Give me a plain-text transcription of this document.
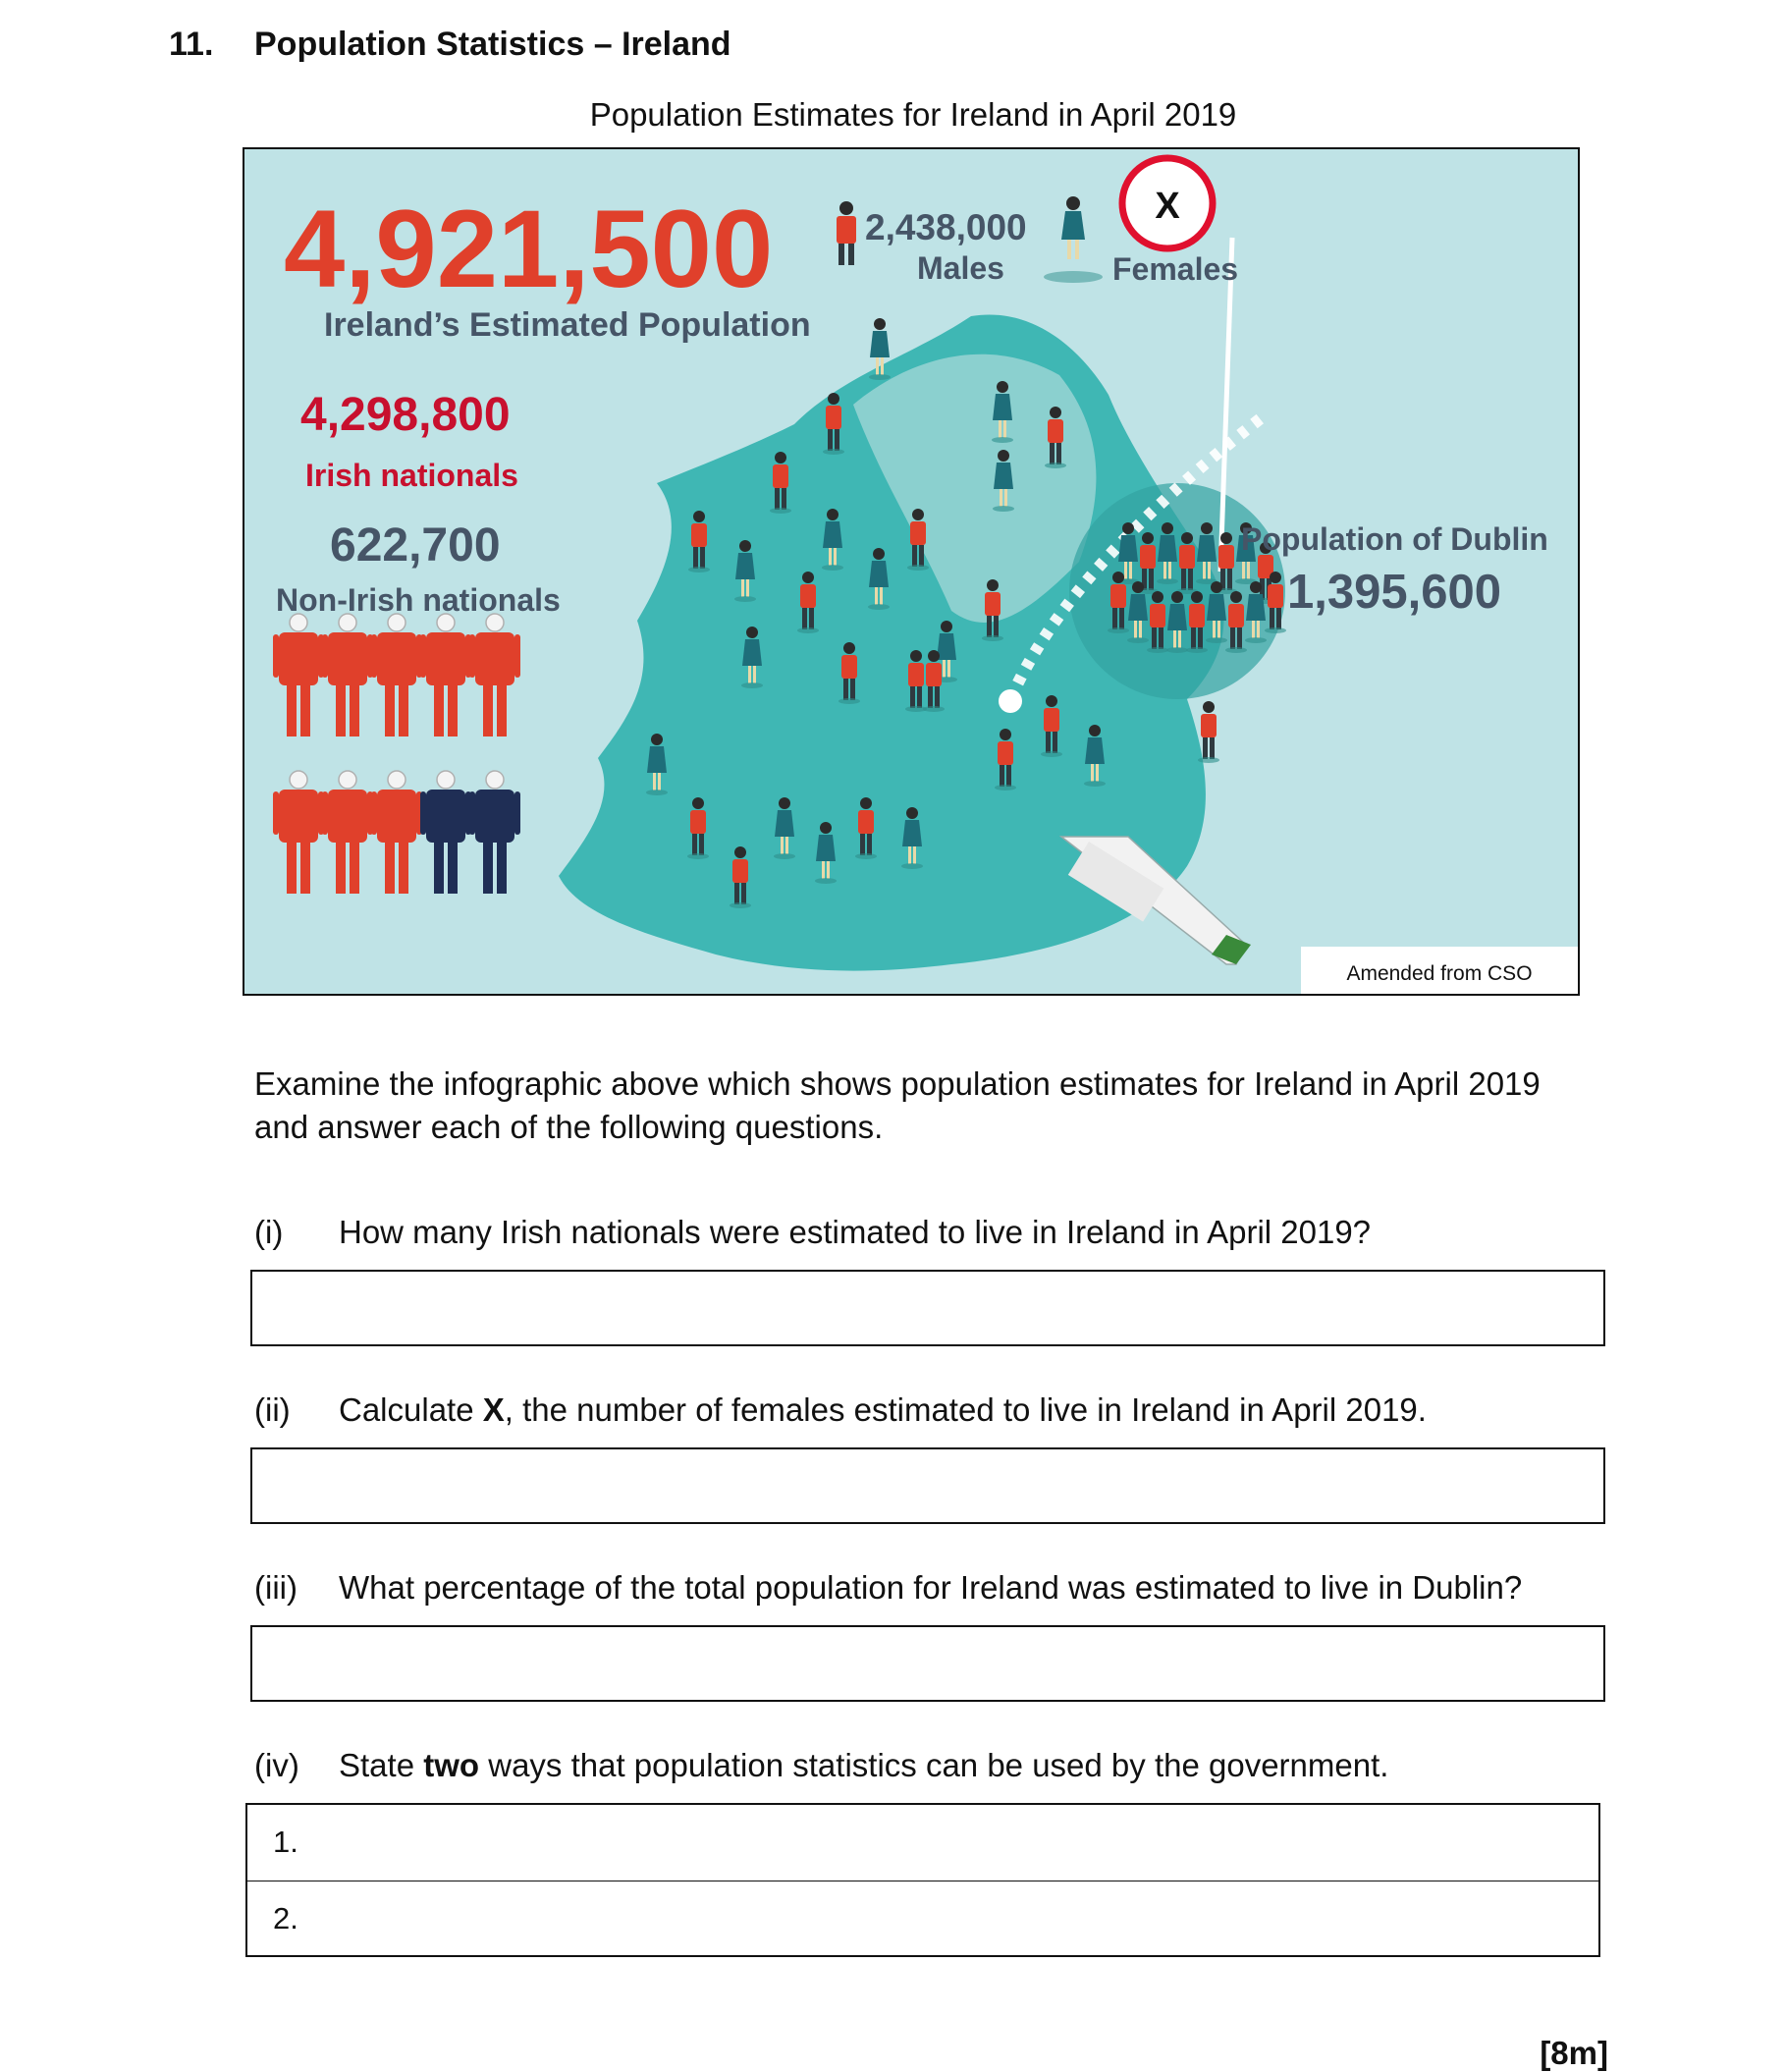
11. Population Statistics – Ireland
Population Estimates for Ireland in April 2019
4,921,500
Ireland’s Estimated Population
2,438,000
Males
X
Females
4,298,800
Irish nationals
622,700
Non-Irish nationals
Population of Dublin
1,395,600
Amended from CSO
Examine the infographic above which shows population estimates for Ireland in April 2019
and answer each of the following questions.
(i) How many Irish nationals were estimated to live in Ireland in April 2019?
(ii) Calculate X, the number of females estimated to live in Ireland in April 2019.
(iii) What percentage of the total population for Ireland was estimated to live in Dublin?
(iv) State two ways that population statistics can be used by the government.
1.
2.
[8m]
